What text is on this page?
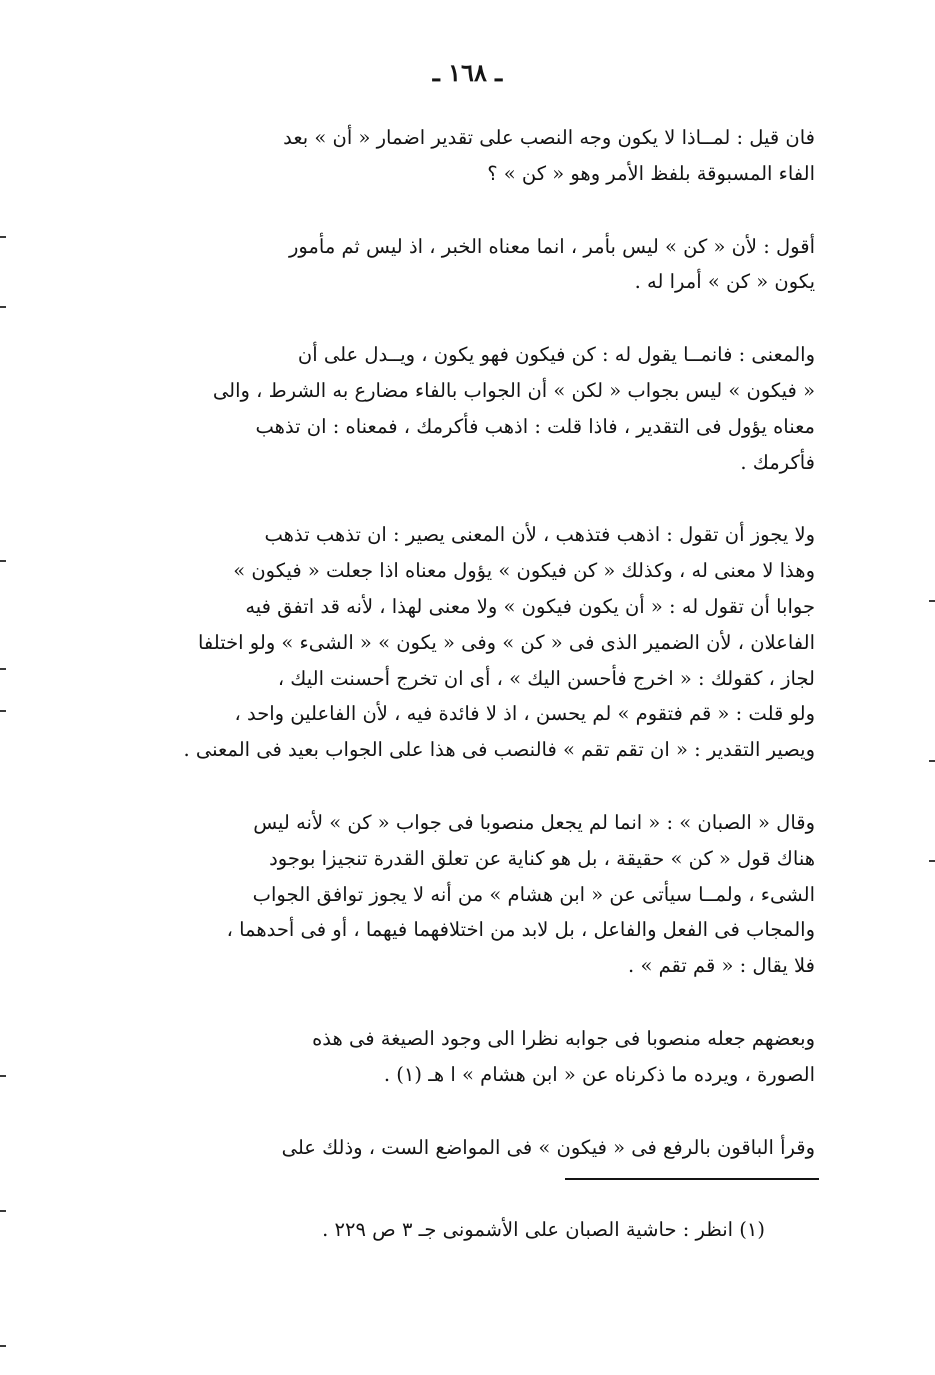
ـ ١٦٨ ـ

فان قيل : لمــاذا لا يكون وجه النصب على تقدير اضمار « أن » بعد
الفاء المسبوقة بلفظ الأمر وهو « كن » ؟

أقول : لأن « كن » ليس بأمر ، انما معناه الخبر ، اذ ليس ثم مأمور
يكون « كن » أمرا له .

والمعنى : فانمــا يقول له : كن فيكون فهو يكون ، ويــدل على أن
« فيكون » ليس بجواب « لكن » أن الجواب بالفاء مضارع به الشرط ، والى
معناه يؤول فى التقدير ، فاذا قلت : اذهب فأكرمك ، فمعناه : ان تذهب
فأكرمك .

ولا يجوز أن تقول : اذهب فتذهب ، لأن المعنى يصير : ان تذهب تذهب
وهذا لا معنى له ، وكذلك « كن فيكون » يؤول معناه اذا جعلت « فيكون »
جوابا أن تقول له : « أن يكون فيكون » ولا معنى لهذا ، لأنه قد اتفق فيه
الفاعلان ، لأن الضمير الذى فى « كن » وفى « يكون » « الشىء » ولو اختلفا
لجاز ، كقولك : « اخرج فأحسن اليك » ، أى ان تخرج أحسنت اليك ،
ولو قلت : « قم فتقوم » لم يحسن ، اذ لا فائدة فيه ، لأن الفاعلين واحد ،
ويصير التقدير : « ان تقم تقم » فالنصب فى هذا على الجواب بعيد فى المعنى .

وقال « الصبان » : « انما لم يجعل منصوبا فى جواب « كن » لأنه ليس
هناك قول « كن » حقيقة ، بل هو كناية عن تعلق القدرة تنجيزا بوجود
الشىء ، ولمــا سيأتى عن « ابن هشام » من أنه لا يجوز توافق الجواب
والمجاب فى الفعل والفاعل ، بل لابد من اختلافهما فيهما ، أو فى أحدهما ،
فلا يقال : « قم تقم » .

وبعضهم جعله منصوبا فى جوابه نظرا الى وجود الصيغة فى هذه
الصورة ، ويرده ما ذكرناه عن « ابن هشام » ا هـ (١) .

وقرأ الباقون بالرفع فى « فيكون » فى المواضع الست ، وذلك على

(١) انظر : حاشية الصبان على الأشمونى جـ ٣ ص ٢٢٩ .
